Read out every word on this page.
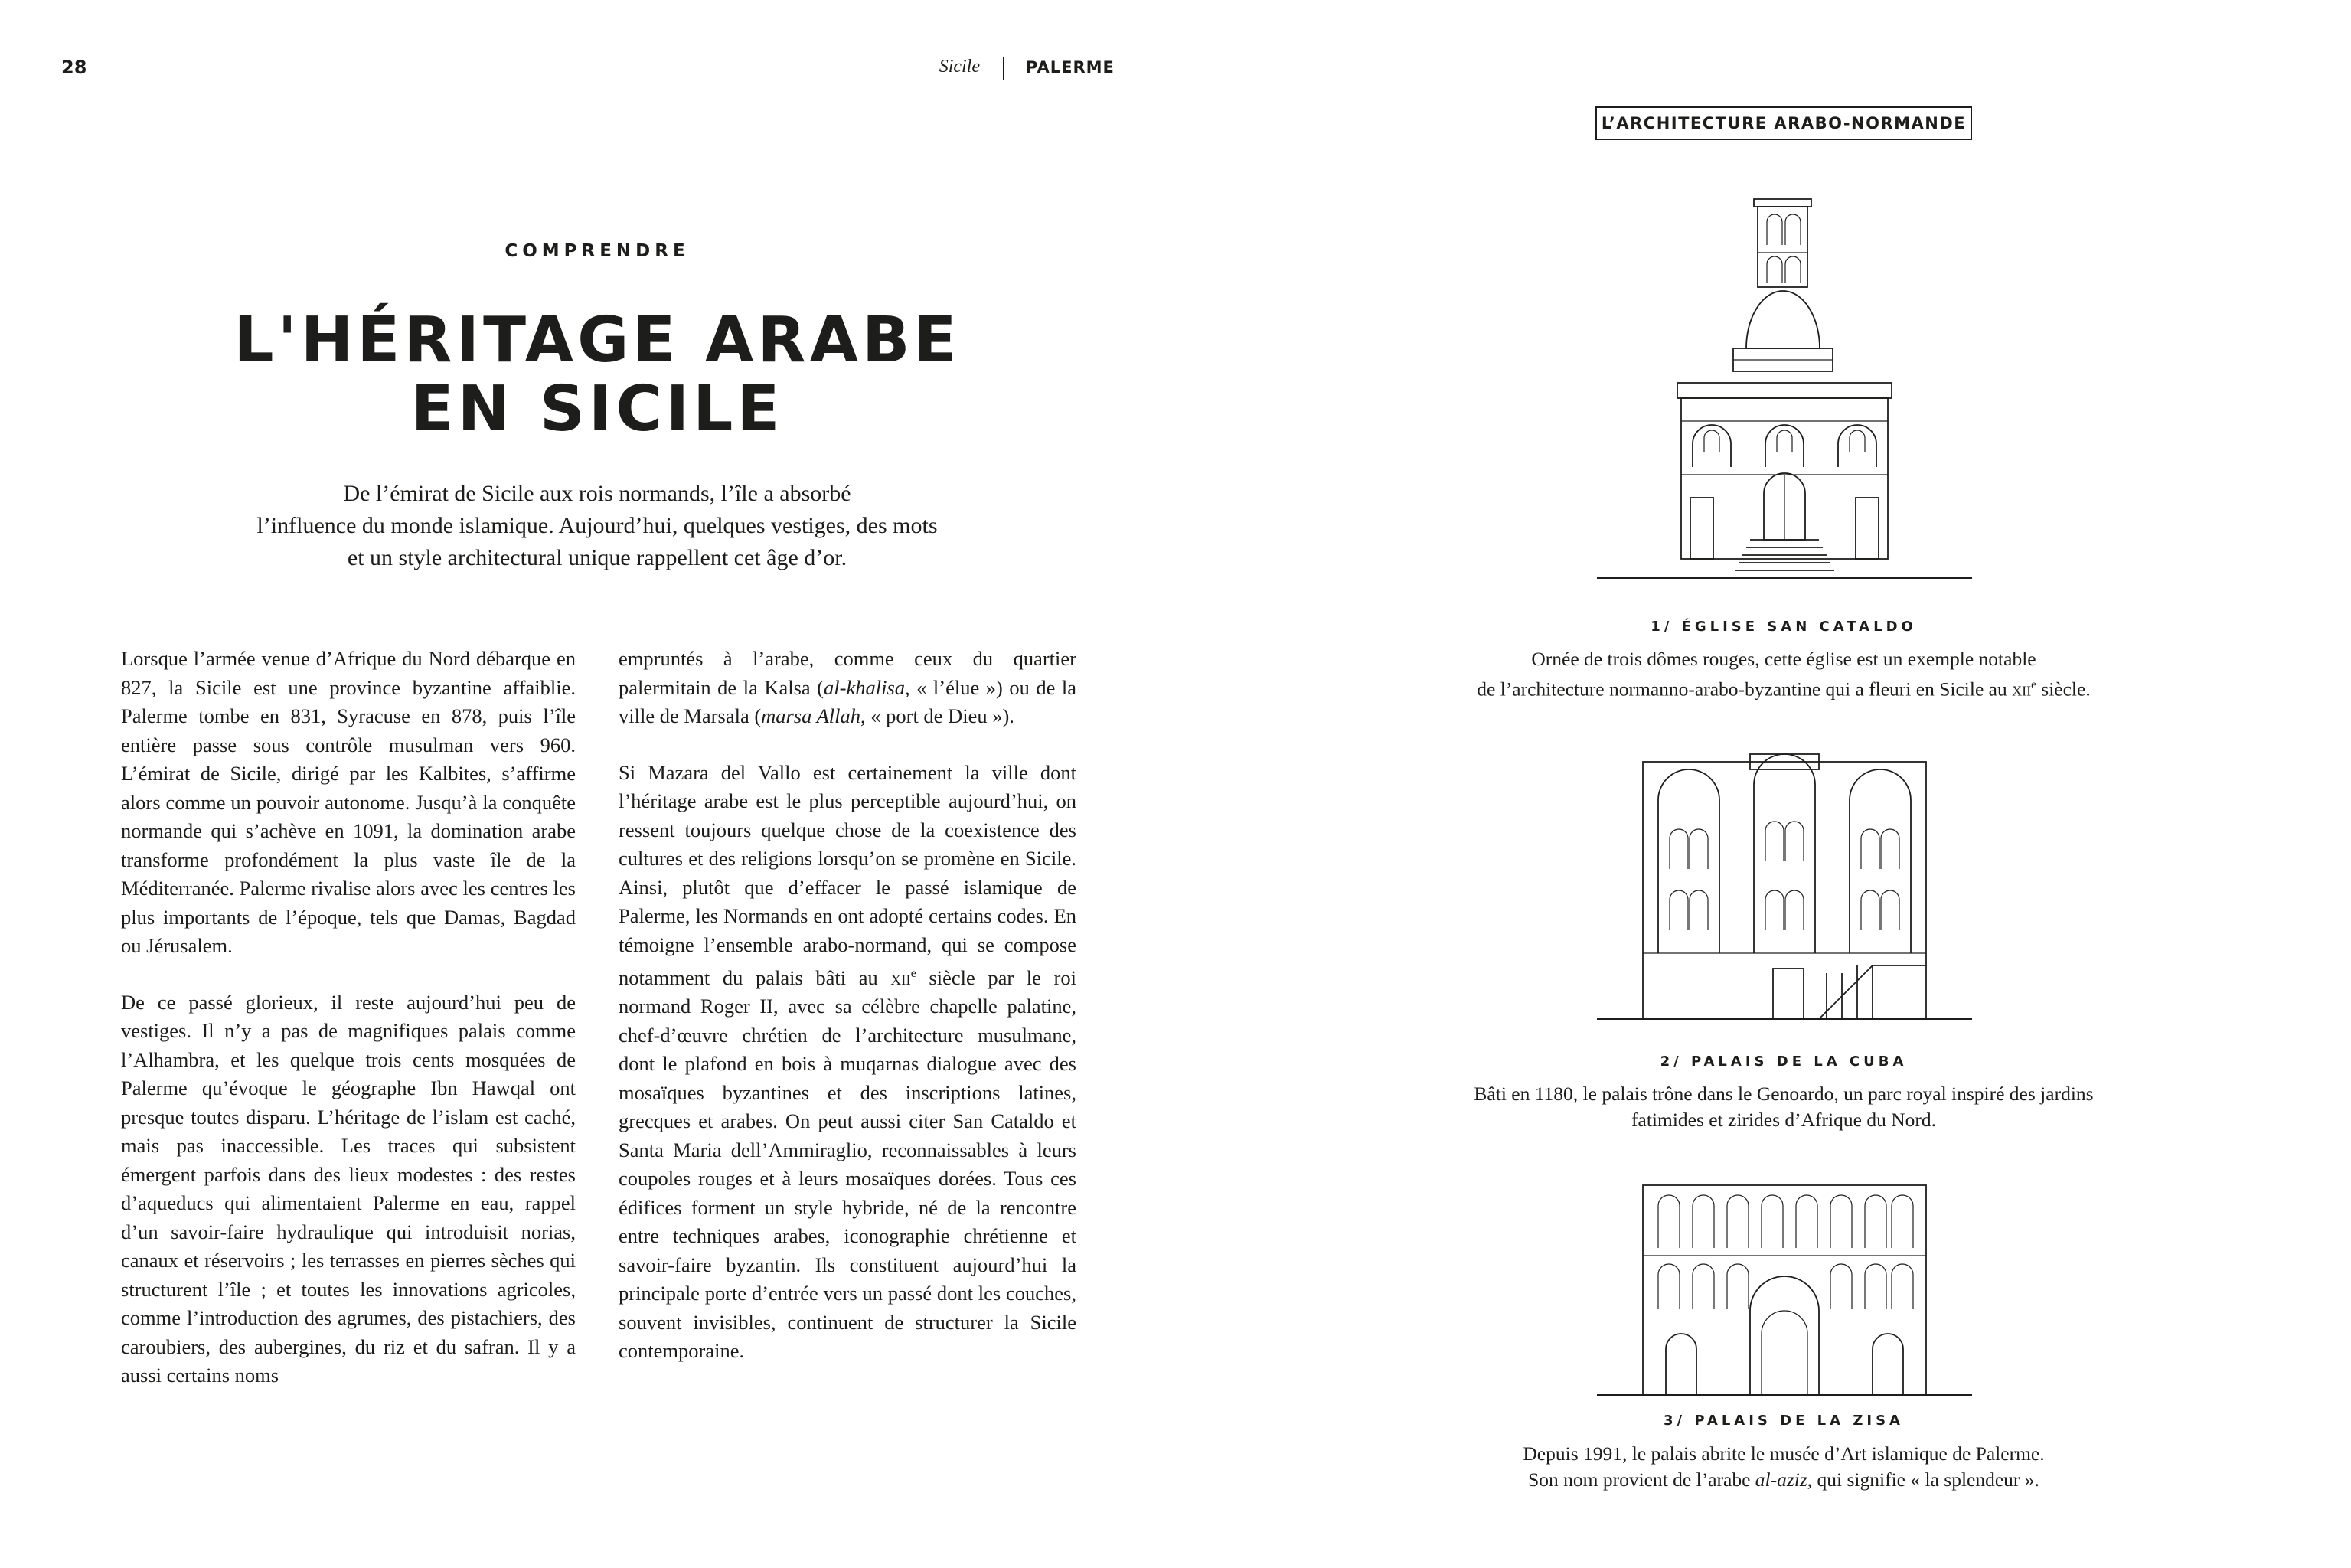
28	Sicile	PALERME
COMPRENDRE
L'HÉRITAGE ARABE
EN SICILE
De l’émirat de Sicile aux rois normands, l’île a absorbé
l’influence du monde islamique. Aujourd’hui, quelques vestiges, des mots
et un style architectural unique rappellent cet âge d’or.

Lorsque l’armée venue d’Afrique du Nord débarque en 827, la Sicile est une province byzantine affaiblie. Palerme tombe en 831, Syracuse en 878, puis l’île entière passe sous contrôle musulman vers 960. L’émirat de Sicile, dirigé par les Kalbites, s’affirme alors comme un pouvoir autonome. Jusqu’à la conquête normande qui s’achève en 1091, la domination arabe transforme profondément la plus vaste île de la Méditerranée. Palerme rivalise alors avec les centres les plus importants de l’époque, tels que Damas, Bagdad ou Jérusalem.

De ce passé glorieux, il reste aujourd’hui peu de vestiges. Il n’y a pas de magnifiques palais comme l’Alhambra, et les quelque trois cents mosquées de Palerme qu’évoque le géographe Ibn Hawqal ont presque toutes disparu. L’héritage de l’islam est caché, mais pas inaccessible. Les traces qui subsistent émergent parfois dans des lieux modestes : des restes d’aqueducs qui alimentaient Palerme en eau, rappel d’un savoir-faire hydraulique qui introduisit norias, canaux et réservoirs ; les terrasses en pierres sèches qui structurent l’île ; et toutes les innovations agricoles, comme l’introduction des agrumes, des pistachiers, des caroubiers, des aubergines, du riz et du safran. Il y a aussi certains noms

empruntés à l’arabe, comme ceux du quartier palermitain de la Kalsa (al-khalisa, « l’élue ») ou de la ville de Marsala (marsa Allah, « port de Dieu »).

Si Mazara del Vallo est certainement la ville dont l’héritage arabe est le plus perceptible aujourd’hui, on ressent toujours quelque chose de la coexistence des cultures et des religions lorsqu’on se promène en Sicile. Ainsi, plutôt que d’effacer le passé islamique de Palerme, les Normands en ont adopté certains codes. En témoigne l’ensemble arabo-normand, qui se compose notamment du palais bâti au xii$^e$ siècle par le roi normand Roger II, avec sa célèbre chapelle palatine, chef-d’œuvre chrétien de l’architecture musulmane, dont le plafond en bois à muqarnas dialogue avec des mosaïques byzantines et des inscriptions latines, grecques et arabes. On peut aussi citer San Cataldo et Santa Maria dell’Ammiraglio, reconnaissables à leurs coupoles rouges et à leurs mosaïques dorées. Tous ces édifices forment un style hybride, né de la rencontre entre techniques arabes, iconographie chrétienne et savoir-faire byzantin. Ils constituent aujourd’hui la principale porte d’entrée vers un passé dont les couches, souvent invisibles, continuent de structurer la Sicile contemporaine.

L’ARCHITECTURE ARABO-NORMANDE
1/ ÉGLISE SAN CATALDO
Ornée de trois dômes rouges, cette église est un exemple notable
de l’architecture normanno-arabo-byzantine qui a fleuri en Sicile au xii$^e$ siècle.
2/ PALAIS DE LA CUBA
Bâti en 1180, le palais trône dans le Genoardo, un parc royal inspiré des jardins
fatimides et zirides d’Afrique du Nord.
3/ PALAIS DE LA ZISA
Depuis 1991, le palais abrite le musée d’Art islamique de Palerme.
Son nom provient de l’arabe al-aziz, qui signifie « la splendeur ».
